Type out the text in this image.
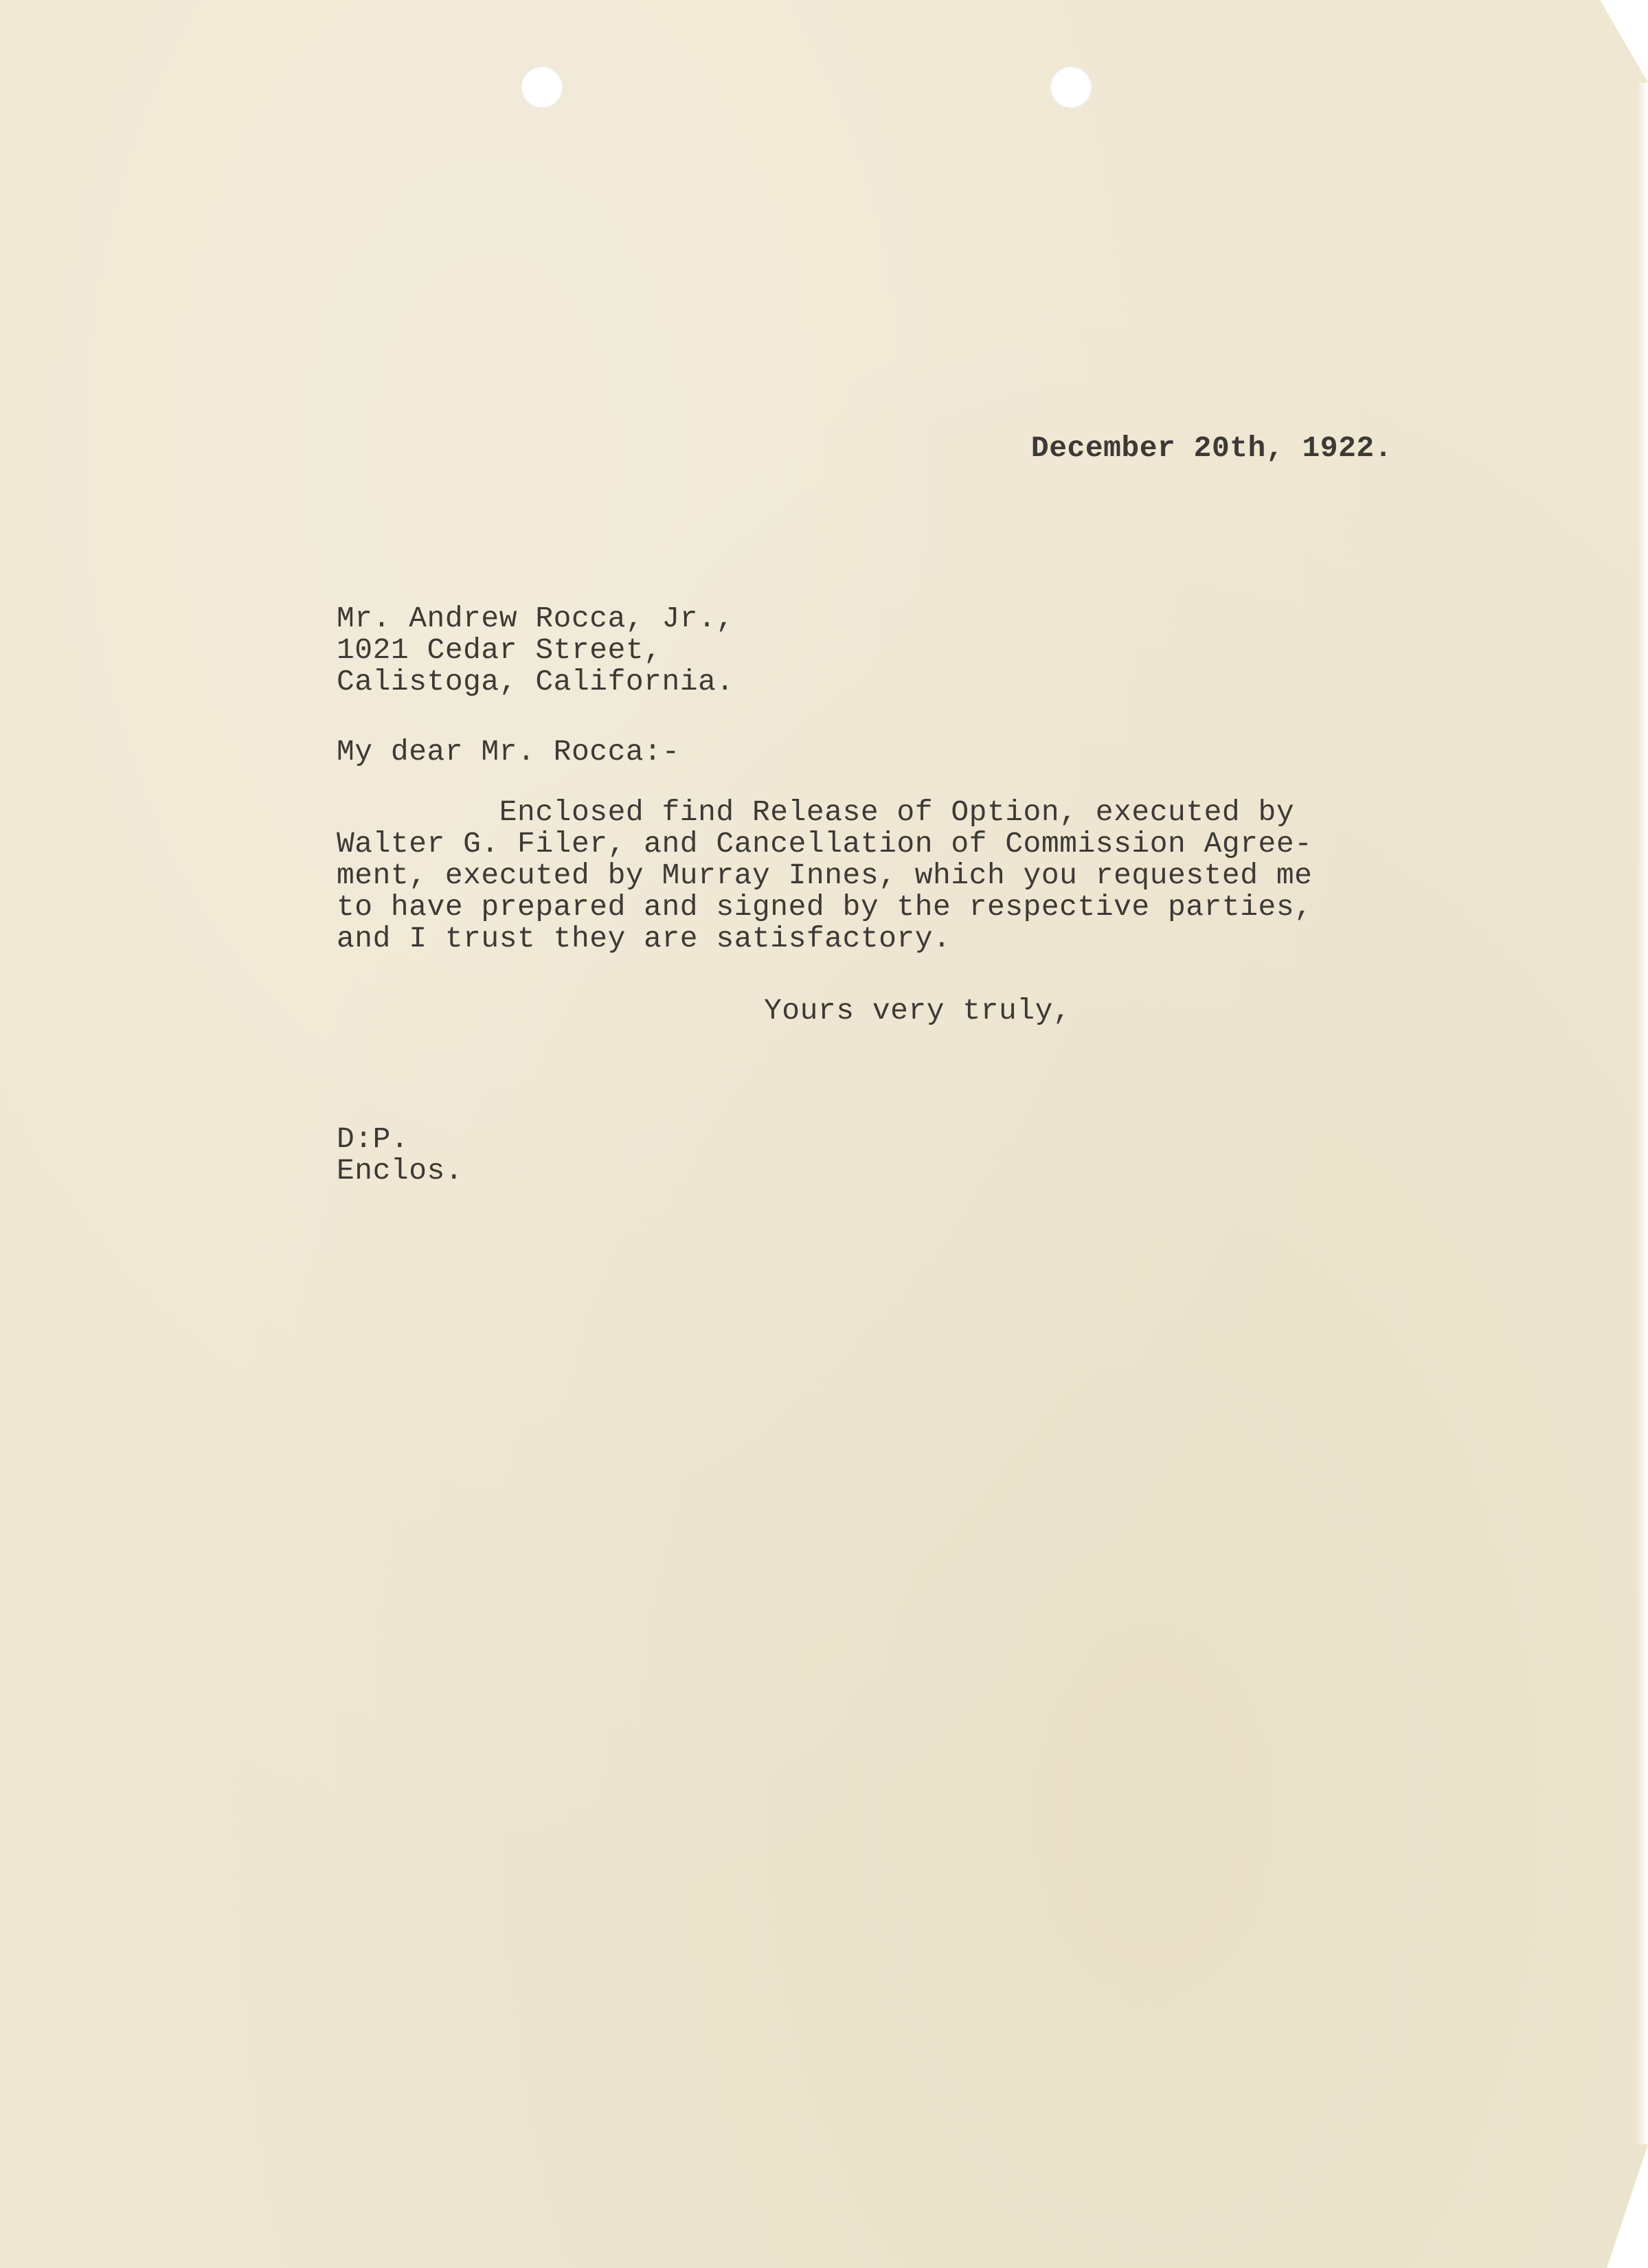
December 20th, 1922.
Mr. Andrew Rocca, Jr.,
1021 Cedar Street,
Calistoga, California.
My dear Mr. Rocca:-
Enclosed find Release of Option, executed by
Walter G. Filer, and Cancellation of Commission Agree-
ment, executed by Murray Innes, which you requested me
to have prepared and signed by the respective parties,
and I trust they are satisfactory.
Yours very truly,
D:P.
Enclos.
